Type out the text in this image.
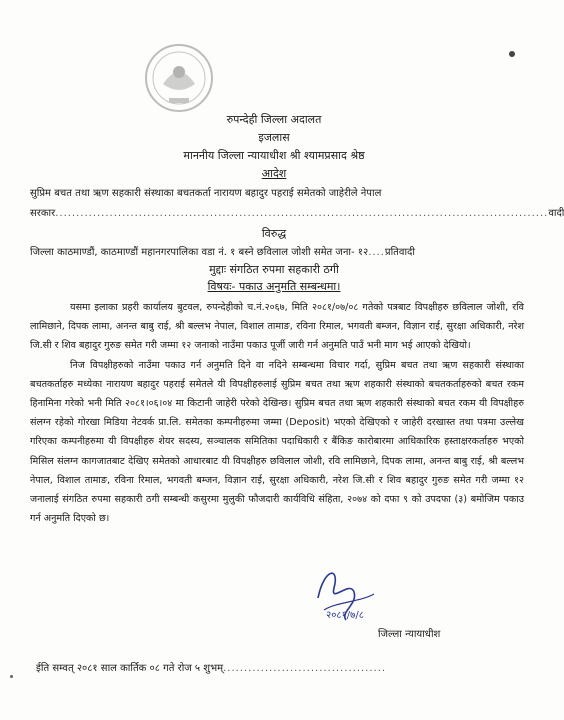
रुपन्देही जिल्ला अदालत
इजलास
माननीय जिल्ला न्यायाधीश श्री श्यामप्रसाद श्रेष्ठ
आदेश
सुप्रिम बचत तथा ऋण सहकारी संस्थाका बचतकर्ता नारायण बहादुर पहराई समेतको जाहेरीले नेपाल
सरकार......................................................................................................................वादी
विरुद्ध
जिल्ला काठमाण्डौं, काठमाण्डौं महानगरपालिका वडा नं. १ बस्ने छविलाल जोशी समेत जना- १२....प्रतिवादी
मुद्दाः संगठित रुपमा सहकारी ठगी
विषयः- पकाउ अनुमति सम्बन्धमा।

यसमा इलाका प्रहरी कार्यालय बुटवल, रुपन्देहीको च.नं.२०६७, मिति २०८१/०७/०८ गतेको पत्रबाट विपक्षीहरु छविलाल जोशी, रवि लामिछाने, दिपक लामा, अनन्त बाबु राई, श्री बल्लभ नेपाल, विशाल तामाङ, रविना रिमाल, भगवती बम्जन, विज्ञान राई, सुरक्षा अधिकारी, नरेश जि.सी र शिव बहादुर गुरुङ समेत गरी जम्मा १२ जनाको नाउँमा पकाउ पूर्जी जारी गर्न अनुमति पाउँ भनी माग भई आएको देखियो।

निज विपक्षीहरुको नाउँमा पकाउ गर्न अनुमति दिने वा नदिने सम्बन्धमा विचार गर्दा, सुप्रिम बचत तथा ऋण सहकारी संस्थाका बचतकर्ताहरु मध्येका नारायण बहादुर पहराई समेतले यी विपक्षीहरुलाई सुप्रिम बचत तथा ऋण शहकारी संस्थाको बचतकर्ताहरुको बचत रकम हिनामिना गरेको भनी मिति २०८१।०६।०४ मा किटानी जाहेरी परेको देखिन्छ। सुप्रिम बचत तथा ऋण शहकारी संस्थाको बचत रकम यी विपक्षीहरु संलग्न रहेको गोरखा मिडिया नेटवर्क प्रा.लि. समेतका कम्पनीहरुमा जम्मा (Deposit) भएको देखिएको र जाहेरी दरखास्त तथा पत्रमा उल्लेख गरिएका कम्पनीहरुमा यी विपक्षीहरु शेयर सदस्य, सञ्चालक समितिका पदाधिकारी र बैंकिङ कारोबारमा आधिकारिक हस्ताक्षरकर्ताहरु भएको मिसिल संलग्न कागजातबाट देखिए समेतको आधारबाट यी विपक्षीहरु छविलाल जोशी, रवि लामिछाने, दिपक लामा, अनन्त बाबु राई, श्री बल्लभ नेपाल, विशाल तामाङ, रविना रिमाल, भगवती बम्जन, विज्ञान राई, सुरक्षा अधिकारी, नरेश जि.सी र शिव बहादुर गुरुङ समेत गरी जम्मा १२ जनालाई संगठित रुपमा सहकारी ठगी सम्बन्धी कसुरमा मुलुकी फौजदारी कार्यविधि संहिता, २०७४ को दफा ९ को उपदफा (३) बमोजिम पकाउ गर्न अनुमति दिएको छ।

२०८१/७/८
जिल्ला न्यायाधीश
ईति सम्वत् २०८१ साल कार्तिक ०८ गते रोज ५ शुभम्.......................................
